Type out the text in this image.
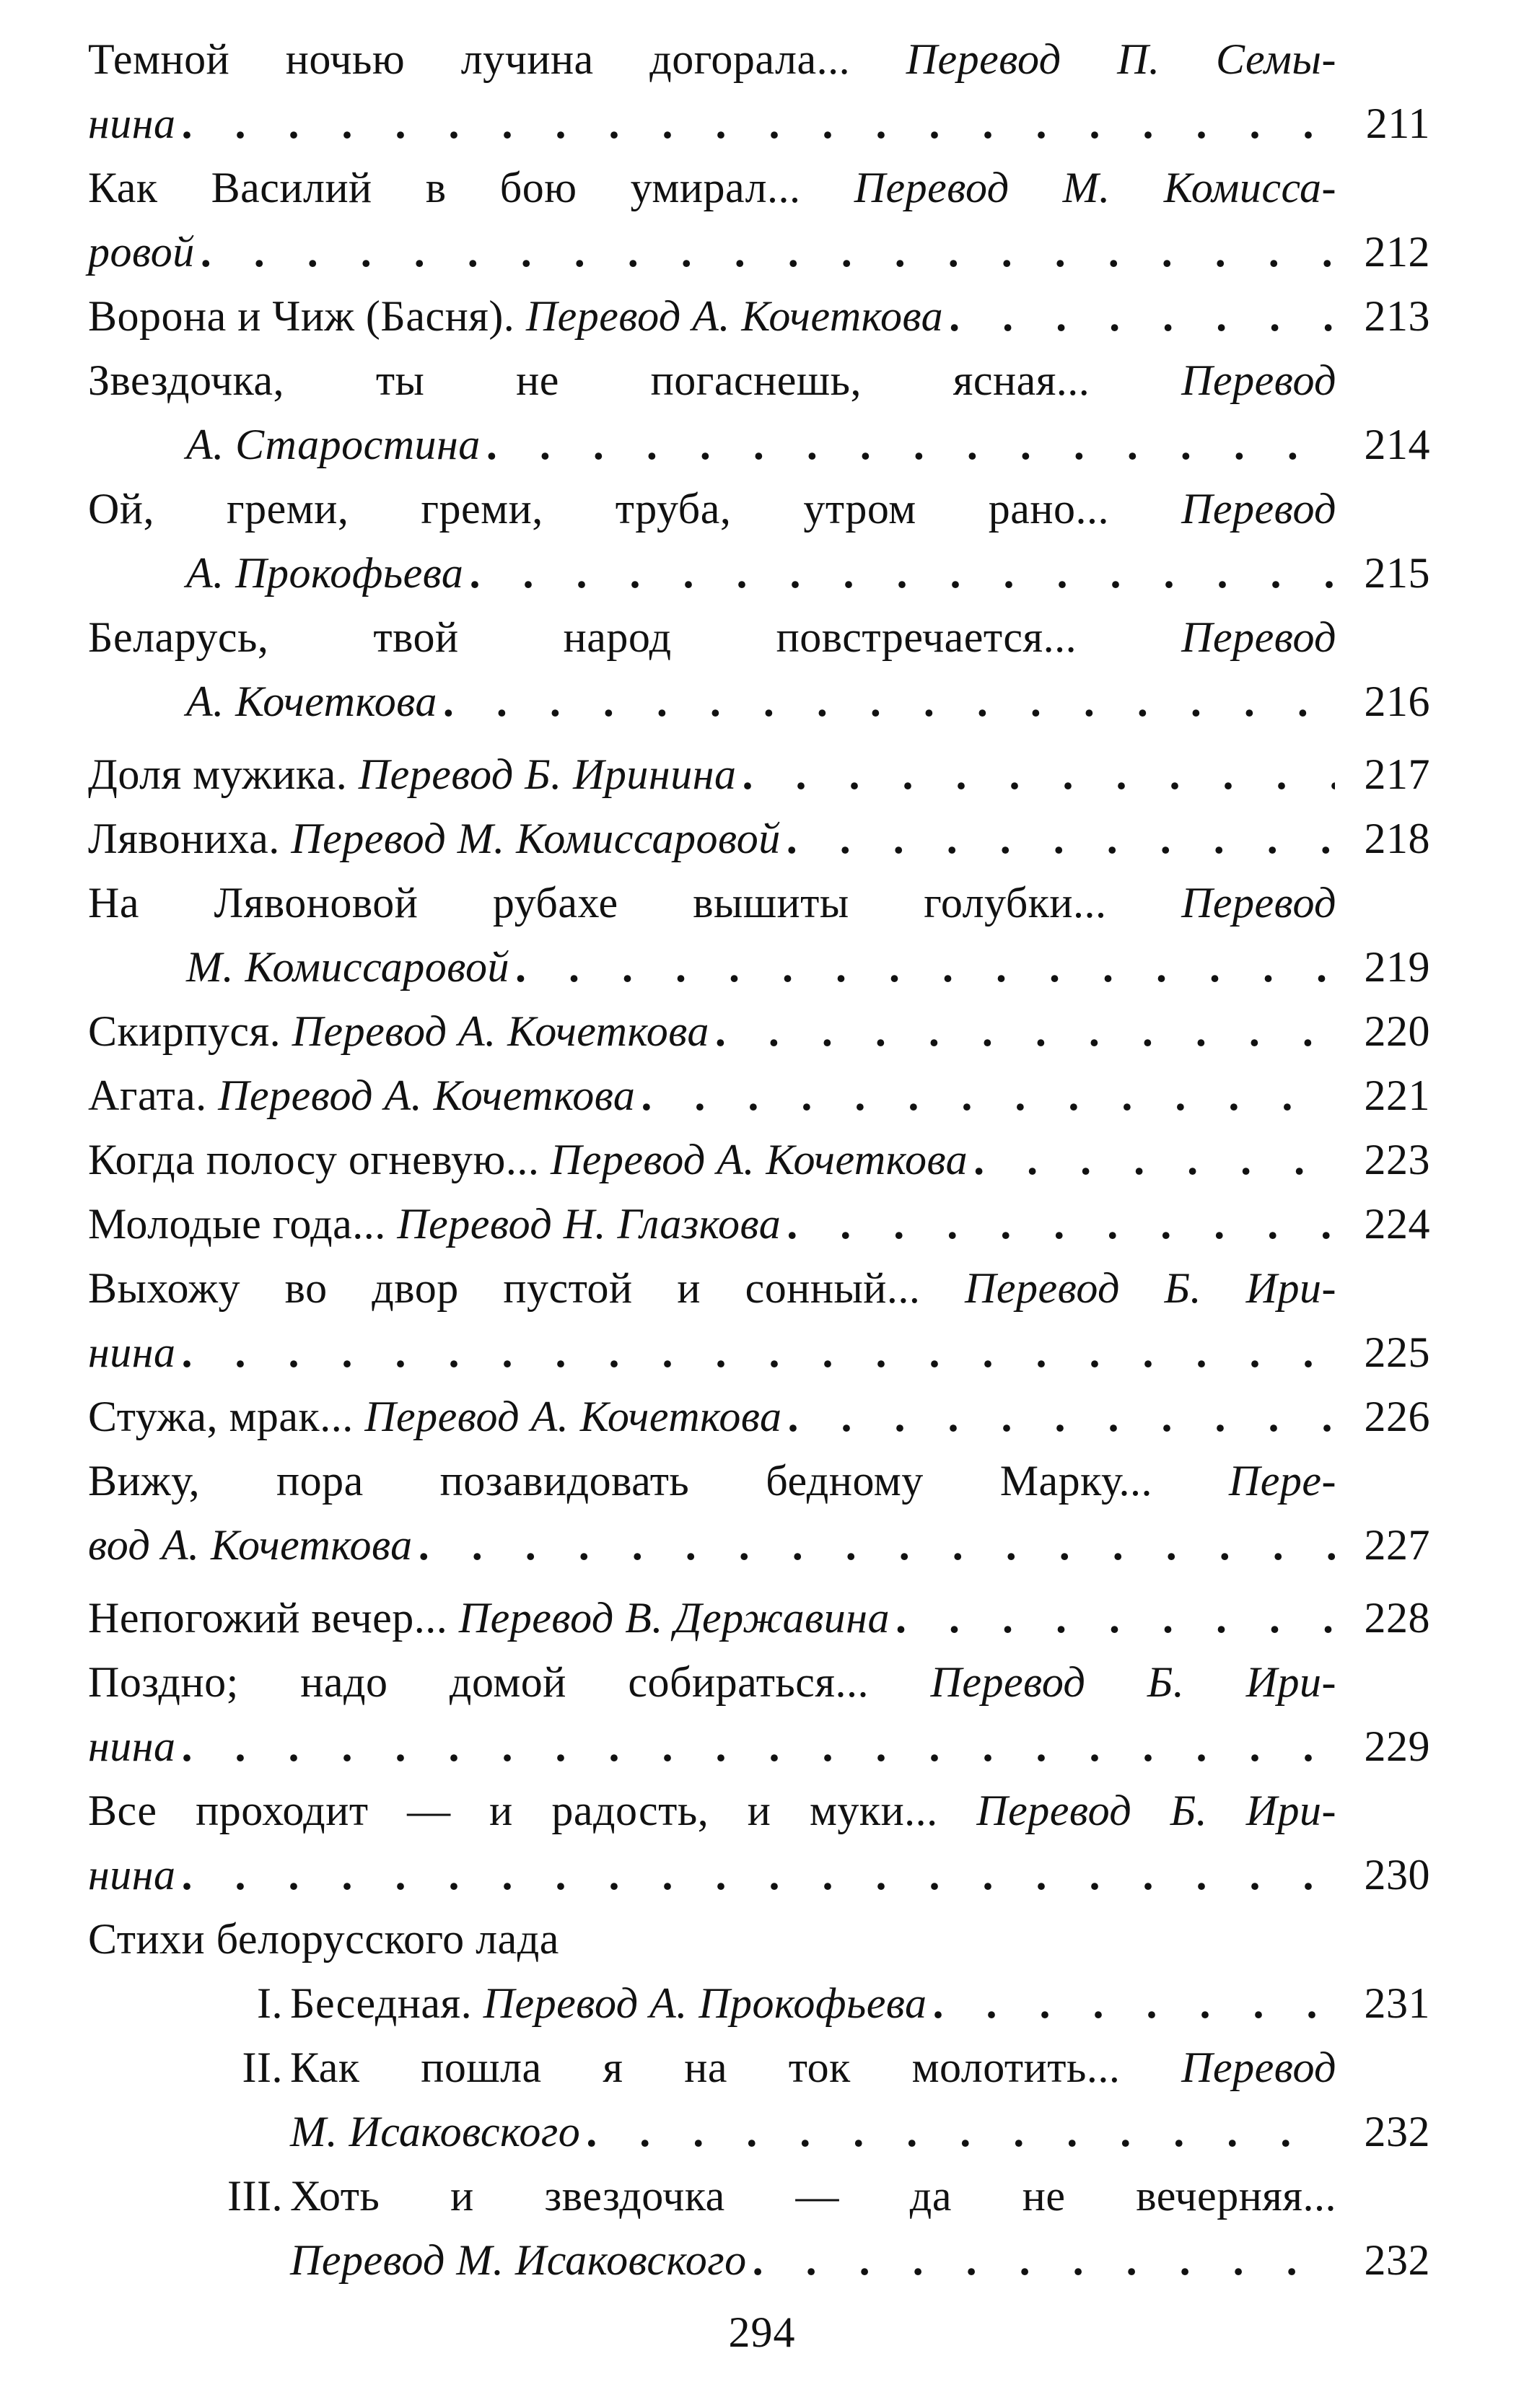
Темной ночью лучина догорала... Перевод П. Семы-
нина . . .	211
Как Василий в бою умирал... Перевод М. Комисса-
ровой . . .	212
Ворона и Чиж (Басня). Перевод А. Кочеткова . . .	213
Звездочка, ты не погаснешь, ясная... Перевод
А. Старостина . . .	214
Ой, греми, греми, труба, утром рано... Перевод
А. Прокофьева . . .	215
Беларусь, твой народ повстречается... Перевод
А. Кочеткова . . .	216
Доля мужика. Перевод Б. Иринина . . .	217
Лявониха. Перевод М. Комиссаровой . . .	218
На Лявоновой рубахе вышиты голубки... Перевод
М. Комиссаровой . . .	219
Скирпуся. Перевод А. Кочеткова . . .	220
Агата. Перевод А. Кочеткова . . .	221
Когда полосу огневую... Перевод А. Кочеткова . . .	223
Молодые года... Перевод Н. Глазкова . . .	224
Выхожу во двор пустой и сонный... Перевод Б. Ири-
нина . . .	225
Стужа, мрак... Перевод А. Кочеткова . . .	226
Вижу, пора позавидовать бедному Марку... Пере-
вод А. Кочеткова . . .	227
Непогожий вечер... Перевод В. Державина . . .	228
Поздно; надо домой собираться... Перевод Б. Ири-
нина . . .	229
Все проходит — и радость, и муки... Перевод Б. Ири-
нина . . .	230
Стихи белорусского лада
I. Беседная. Перевод А. Прокофьева . . .	231
II. Как пошла я на ток молотить... Перевод
М. Исаковского . . .	232
III. Хоть и звездочка — да не вечерняя...
Перевод М. Исаковского . . .	232
294
